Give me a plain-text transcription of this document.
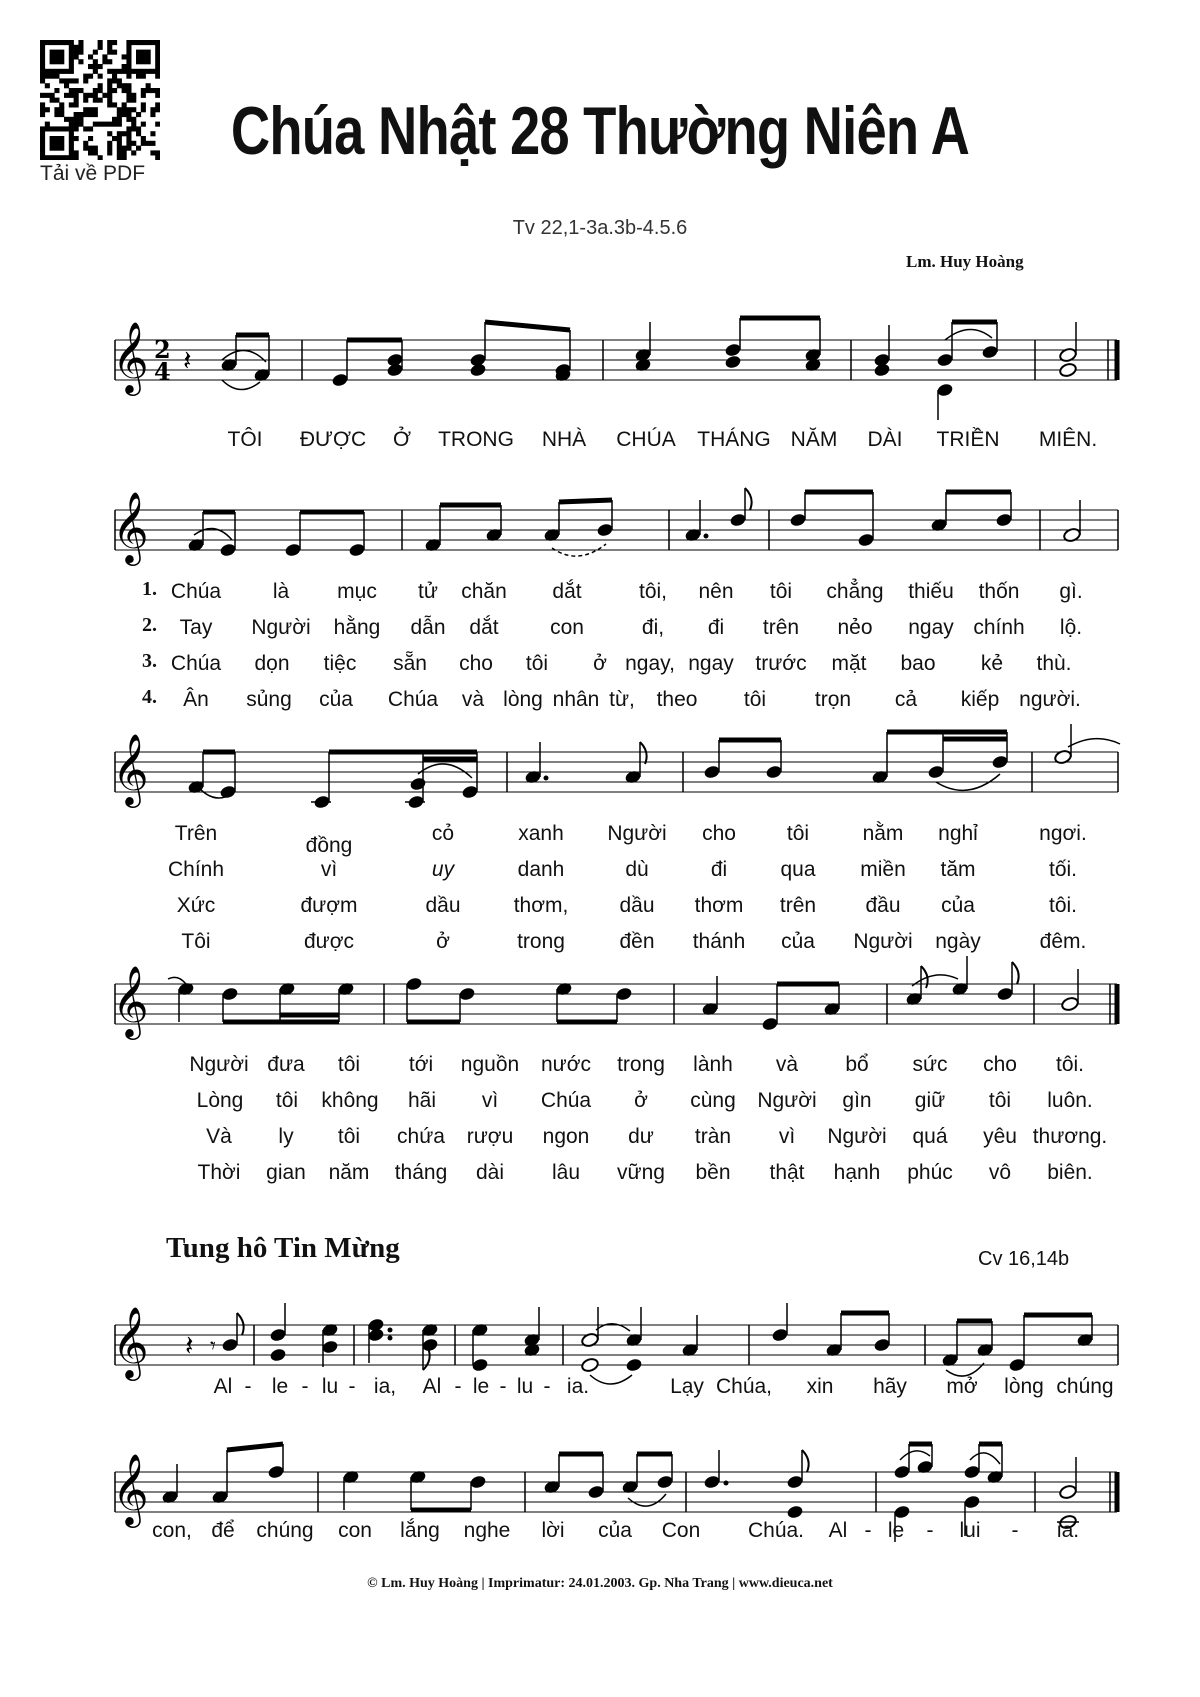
Tải về PDF
Chúa Nhật 28 Thường Niên A
Tv 22,1-3a.3b-4.5.6
Lm. Huy Hoàng
𝄞 2
4 𝄽
TÔI ĐƯỢC Ở TRONG NHÀ CHÚA THÁNG NĂM DÀI TRIỀN MIÊN.
𝄞
1.
2.
3.
4.
Chúa là mục tử chăn dắt	tôi, nên tôi chẳng thiếu thốn gì.
Tay Người hằng dẫn dắt con	đi, đi trên nẻo ngay chính lộ.
Chúa dọn tiệc sẵn cho tôi ở ngay, ngay trước mặt bao kẻ thù.
Ân sủng của Chúa và lòng nhân từ, theo tôi trọn cả kiếp người.
𝄞
Trên
đồng
cỏ	xanh Người cho tôi	nằm nghỉ	ngơi.
Chính	vì	uy	danh	dù	đi	qua miền tăm	tối.
Xức	đượm	dầu	thơm, dầu thơm trên đầu của	tôi.
Tôi	được	ở	trong	đền thánh của Người ngày	đêm.
𝄞
Người đưa tôi tới nguồn nước trong lành và bổ sức cho tôi.
Lòng tôi không hãi vì Chúa ở cùng Người gìn giữ tôi luôn.
Và ly tôi chứa rượu ngon dư tràn vì Người quá yêu thương.
Thời gian năm tháng dài lâu vững bền thật hạnh phúc vô biên.
Tung hô Tin Mừng	Cv 16,14b
𝄞 𝄽 𝄾
Al - le - lu - ia, Al - le - lu - ia.	Lạy Chúa, xin hãy mở lòng chúng
𝄞
con, để chúng con lắng nghe lời của Con Chúa. Al - le - lui - ia.
© Lm. Huy Hoàng | Imprimatur: 24.01.2003. Gp. Nha Trang | www.dieuca.net
